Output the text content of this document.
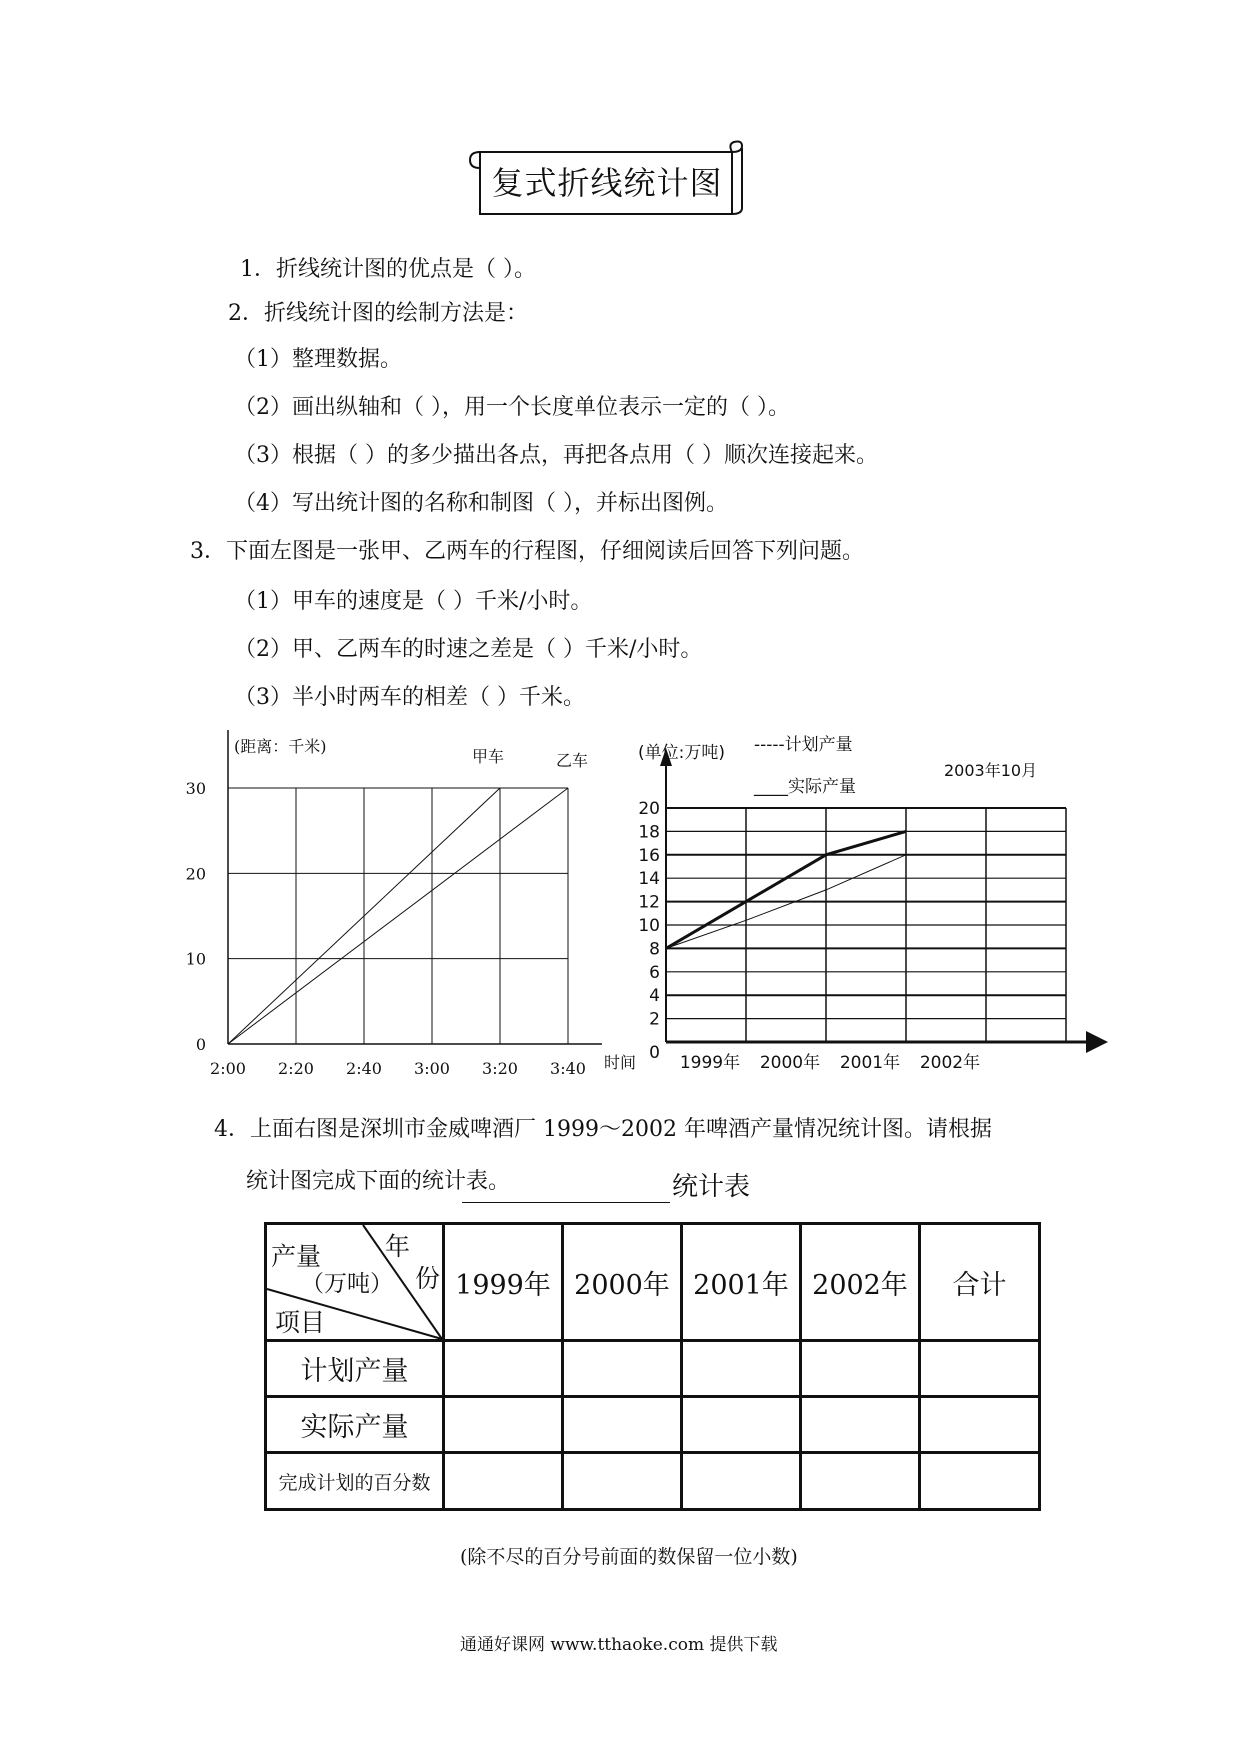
复式折线统计图
1．折线统计图的优点是（ ）。
2．折线统计图的绘制方法是：
（1）整理数据。
（2）画出纵轴和（ ），用一个长度单位表示一定的（ ）。
（3）根据（ ）的多少描出各点，再把各点用（ ）顺次连接起来。
（4）写出统计图的名称和制图（ ），并标出图例。
3．下面左图是一张甲、乙两车的行程图，仔细阅读后回答下列问题。
（1）甲车的速度是（ ）千米/小时。
（2）甲、乙两车的时速之差是（ ）千米/小时。
（3）半小时两车的相差（ ）千米。
甲车	乙车
2:00 2:20 2:40 3:00 3:20 3:40
0
10
20
30
(距离：千米)
时间	1999年 2000年 2001年 2002年
0
2
4
6
8
10
12
14
16
18
20
(单位:万吨) -----计划产量
____实际产量
2003年10月
4．上面右图是深圳市金威啤酒厂 1999～2002 年啤酒产量情况统计图。请根据
统计图完成下面的统计表。	统计表
年
份
产量
（万吨）
项目	1999年	2000年	2001年	2002年	合计
计划产量					
实际产量					
完成计划的百分数					
(除不尽的百分号前面的数保留一位小数)
通通好课网 www.tthaoke.com 提供下载
